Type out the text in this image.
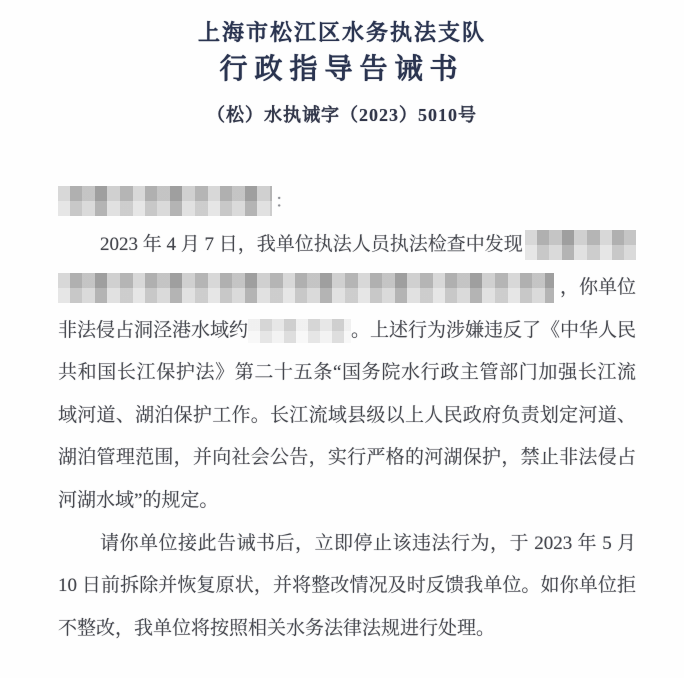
上海市松江区水务执法支队
行政指导告诫书
（松）水执诫字（2023）5010号
：
2023 年 4 月 7 日，我单位执法人员执法检查中发现
，你单位
非法侵占洞泾港水域约	。上述行为涉嫌违反了《中华人民
共和国长江保护法》第二十五条“国务院水行政主管部门加强长江流
域河道、湖泊保护工作。长江流域县级以上人民政府负责划定河道、
湖泊管理范围，并向社会公告，实行严格的河湖保护，禁止非法侵占
河湖水域”的规定。
请你单位接此告诫书后，立即停止该违法行为，于 2023 年 5 月
10 日前拆除并恢复原状，并将整改情况及时反馈我单位。如你单位拒
不整改，我单位将按照相关水务法律法规进行处理。
